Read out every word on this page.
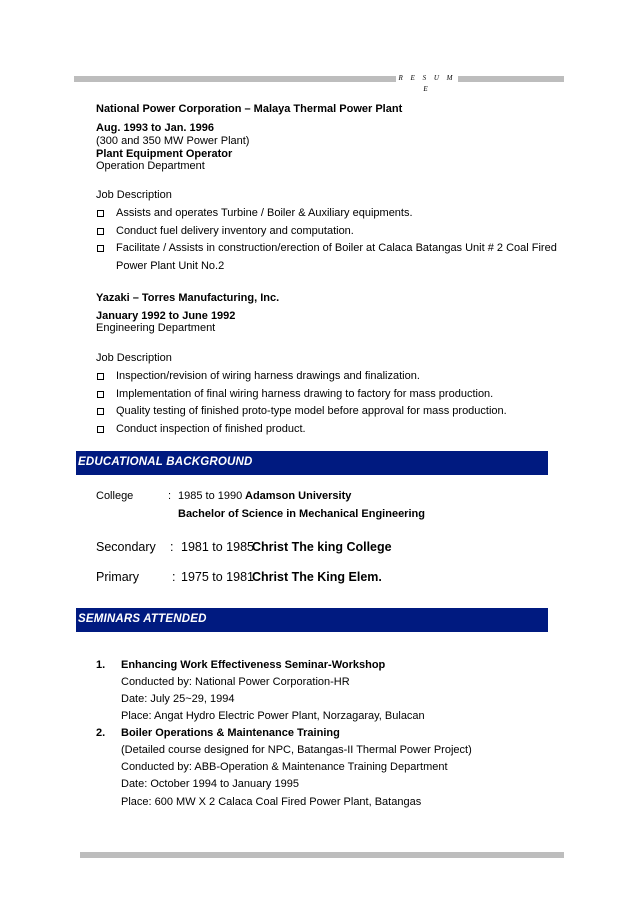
R E S U M E
National Power Corporation – Malaya Thermal Power Plant
Aug. 1993 to Jan. 1996
(300 and 350 MW Power Plant)
Plant Equipment Operator
Operation Department
Job Description
Assists and operates Turbine / Boiler & Auxiliary equipments.
Conduct fuel delivery inventory and computation.
Facilitate / Assists in construction/erection of Boiler at Calaca Batangas Unit # 2 Coal Fired
Power Plant Unit No.2
Yazaki – Torres Manufacturing, Inc.
January 1992 to June 1992
Engineering Department
Job Description
Inspection/revision of wiring harness drawings and finalization.
Implementation of final wiring harness drawing to factory for mass production.
Quality testing of finished proto-type model before approval for mass production.
Conduct inspection of finished product.
EDUCATIONAL BACKGROUND
College	: 1985 to 1990 Adamson University
Bachelor of Science in Mechanical Engineering
Secondary : 1981 to 1985
Christ The king College
Primary	: 1975 to 1981
Christ The King Elem.
SEMINARS ATTENDED
1. Enhancing Work Effectiveness Seminar-Workshop
Conducted by: National Power Corporation-HR
Date: July 25~29, 1994
Place: Angat Hydro Electric Power Plant, Norzagaray, Bulacan
2. Boiler Operations & Maintenance Training
(Detailed course designed for NPC, Batangas-II Thermal Power Project)
Conducted by: ABB-Operation & Maintenance Training Department
Date: October 1994 to January 1995
Place: 600 MW X 2 Calaca Coal Fired Power Plant, Batangas
